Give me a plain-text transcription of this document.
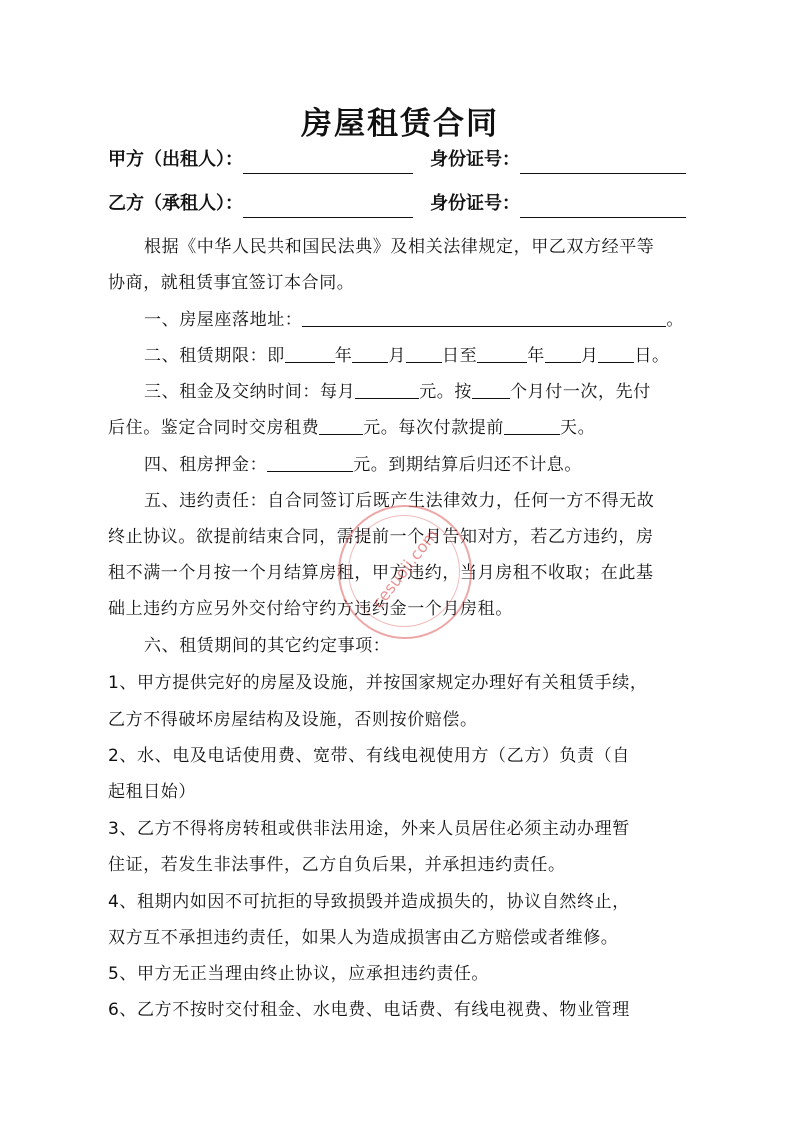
房屋租赁合同
甲方（出租人）：	身份证号：
乙方（承租人）：	身份证号：

根据《中华人民共和国民法典》及相关法律规定，甲乙双方经平等

协商，就租赁事宜签订本合同。

一、房屋座落地址：	。

二、租赁期限：即	年 月 日至	年 月 日。

三、租金及交纳时间：每月	元。按 个月付一次，先付

后住。鉴定合同时交房租费	元。每次付款提前	天。

四、租房押金：	元。到期结算后归还不计息。

五、违约责任：自合同签订后既产生法律效力，任何一方不得无故

终止协议。欲提前结束合同，需提前一个月告知对方，若乙方违约，房

租不满一个月按一个月结算房租，甲方违约，当月房租不收取；在此基

础上违约方应另外交付给守约方违约金一个月房租。

六、租赁期间的其它约定事项：

1、甲方提供完好的房屋及设施，并按国家规定办理好有关租赁手续，

乙方不得破坏房屋结构及设施，否则按价赔偿。

2、水、电及电话使用费、宽带、有线电视使用方（乙方）负责（自

起租日始）

3、乙方不得将房转租或供非法用途，外来人员居住必须主动办理暂

住证，若发生非法事件，乙方自负后果，并承担违约责任。

4、租期内如因不可抗拒的导致损毁并造成损失的，协议自然终止，

双方互不承担违约责任，如果人为造成损害由乙方赔偿或者维修。

5、甲方无正当理由终止协议，应承担违约责任。

6、乙方不按时交付租金、水电费、电话费、有线电视费、物业管理

cesuoji.com
